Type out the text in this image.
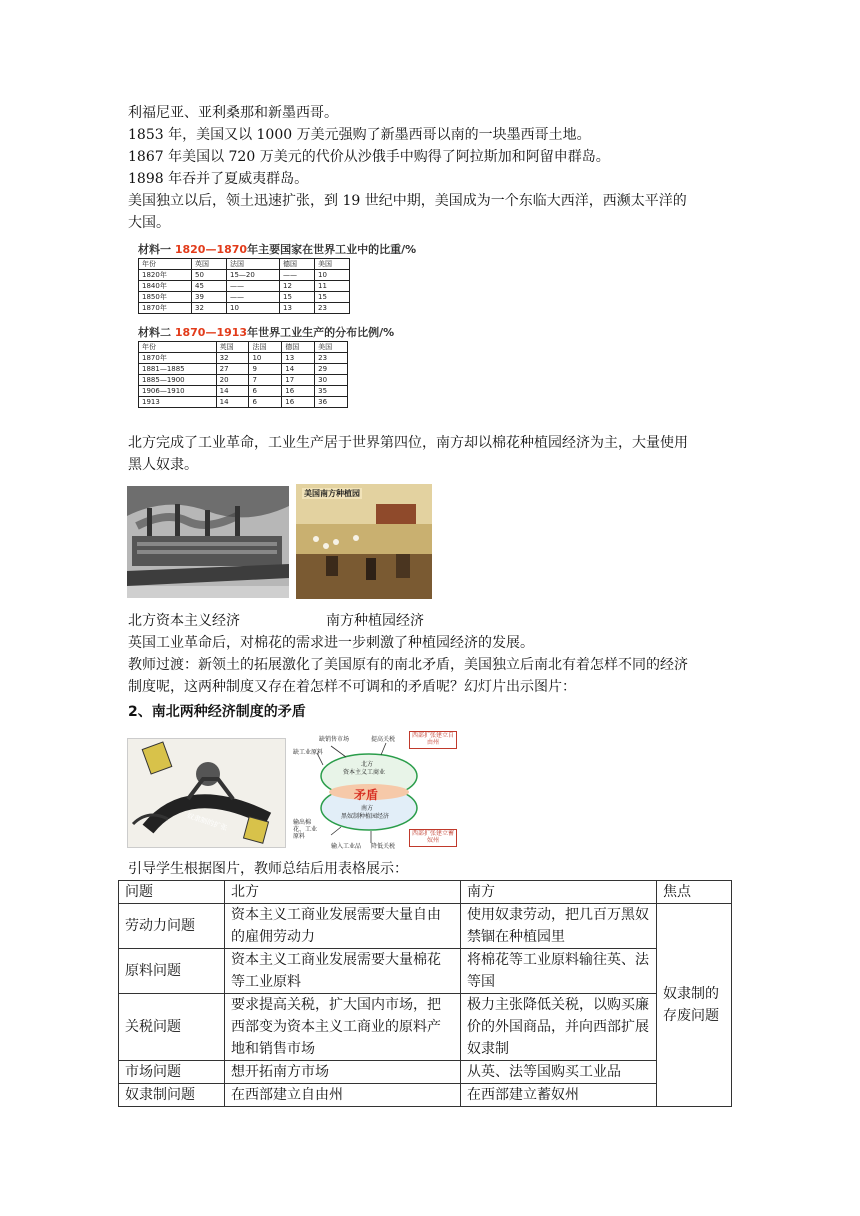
利福尼亚、亚利桑那和新墨西哥。
1853 年，美国又以 1000 万美元强购了新墨西哥以南的一块墨西哥土地。
1867 年美国以 720 万美元的代价从沙俄手中购得了阿拉斯加和阿留申群岛。
1898 年吞并了夏威夷群岛。
美国独立以后，领土迅速扩张，到 19 世纪中期，美国成为一个东临大西洋，西濒太平洋的
大国。
材料一 1820—1870年主要国家在世界工业中的比重/%
年份	英国	法国	德国	美国
1820年	50	15—20	——	10
1840年	45	——	12	11
1850年	39	——	15	15
1870年	32	10	13	23
材料二 1870—1913年世界工业生产的分布比例/%
年份	英国	法国	德国	美国
1870年	32	10	13	23
1881—1885	27	9	14	29
1885—1900	20	7	17	30
1906—1910	14	6	16	35
1913	14	6	16	36
北方完成了工业革命，工业生产居于世界第四位，南方却以棉花种植园经济为主，大量使用
黑人奴隶。
美国南方种植园
北方资本主义经济	南方种植园经济
英国工业革命后，对棉花的需求进一步刺激了种植园经济的发展。
教师过渡：新领土的拓展激化了美国原有的南北矛盾，美国独立后南北有着怎样不同的经济
制度呢，这两种制度又存在着怎样不可调和的矛盾呢？幻灯片出示图片：
2、南北两种经济制度的矛盾
奴隶制的扩张
缺销售市场	提高关税
缺工业原料
西部扩张建立自由州
北方
资本主义工商业
矛盾
南方
黑奴制种植园经济
输出棉花、工业原料
输入工业品 降低关税
西部扩张建立蓄奴州
引导学生根据图片，教师总结后用表格展示：
问题	北方	南方	焦点
劳动力问题	资本主义工商业发展需要大量自由的雇佣劳动力	使用奴隶劳动，把几百万黑奴禁锢在种植园里	奴隶制的存废问题
原料问题	资本主义工商业发展需要大量棉花等工业原料	将棉花等工业原料输往英、法等国	
关税问题	要求提高关税，扩大国内市场，把西部变为资本主义工商业的原料产地和销售市场	极力主张降低关税，以购买廉价的外国商品，并向西部扩展奴隶制	
市场问题	想开拓南方市场	从英、法等国购买工业品	
奴隶制问题	在西部建立自由州	在西部建立蓄奴州	
